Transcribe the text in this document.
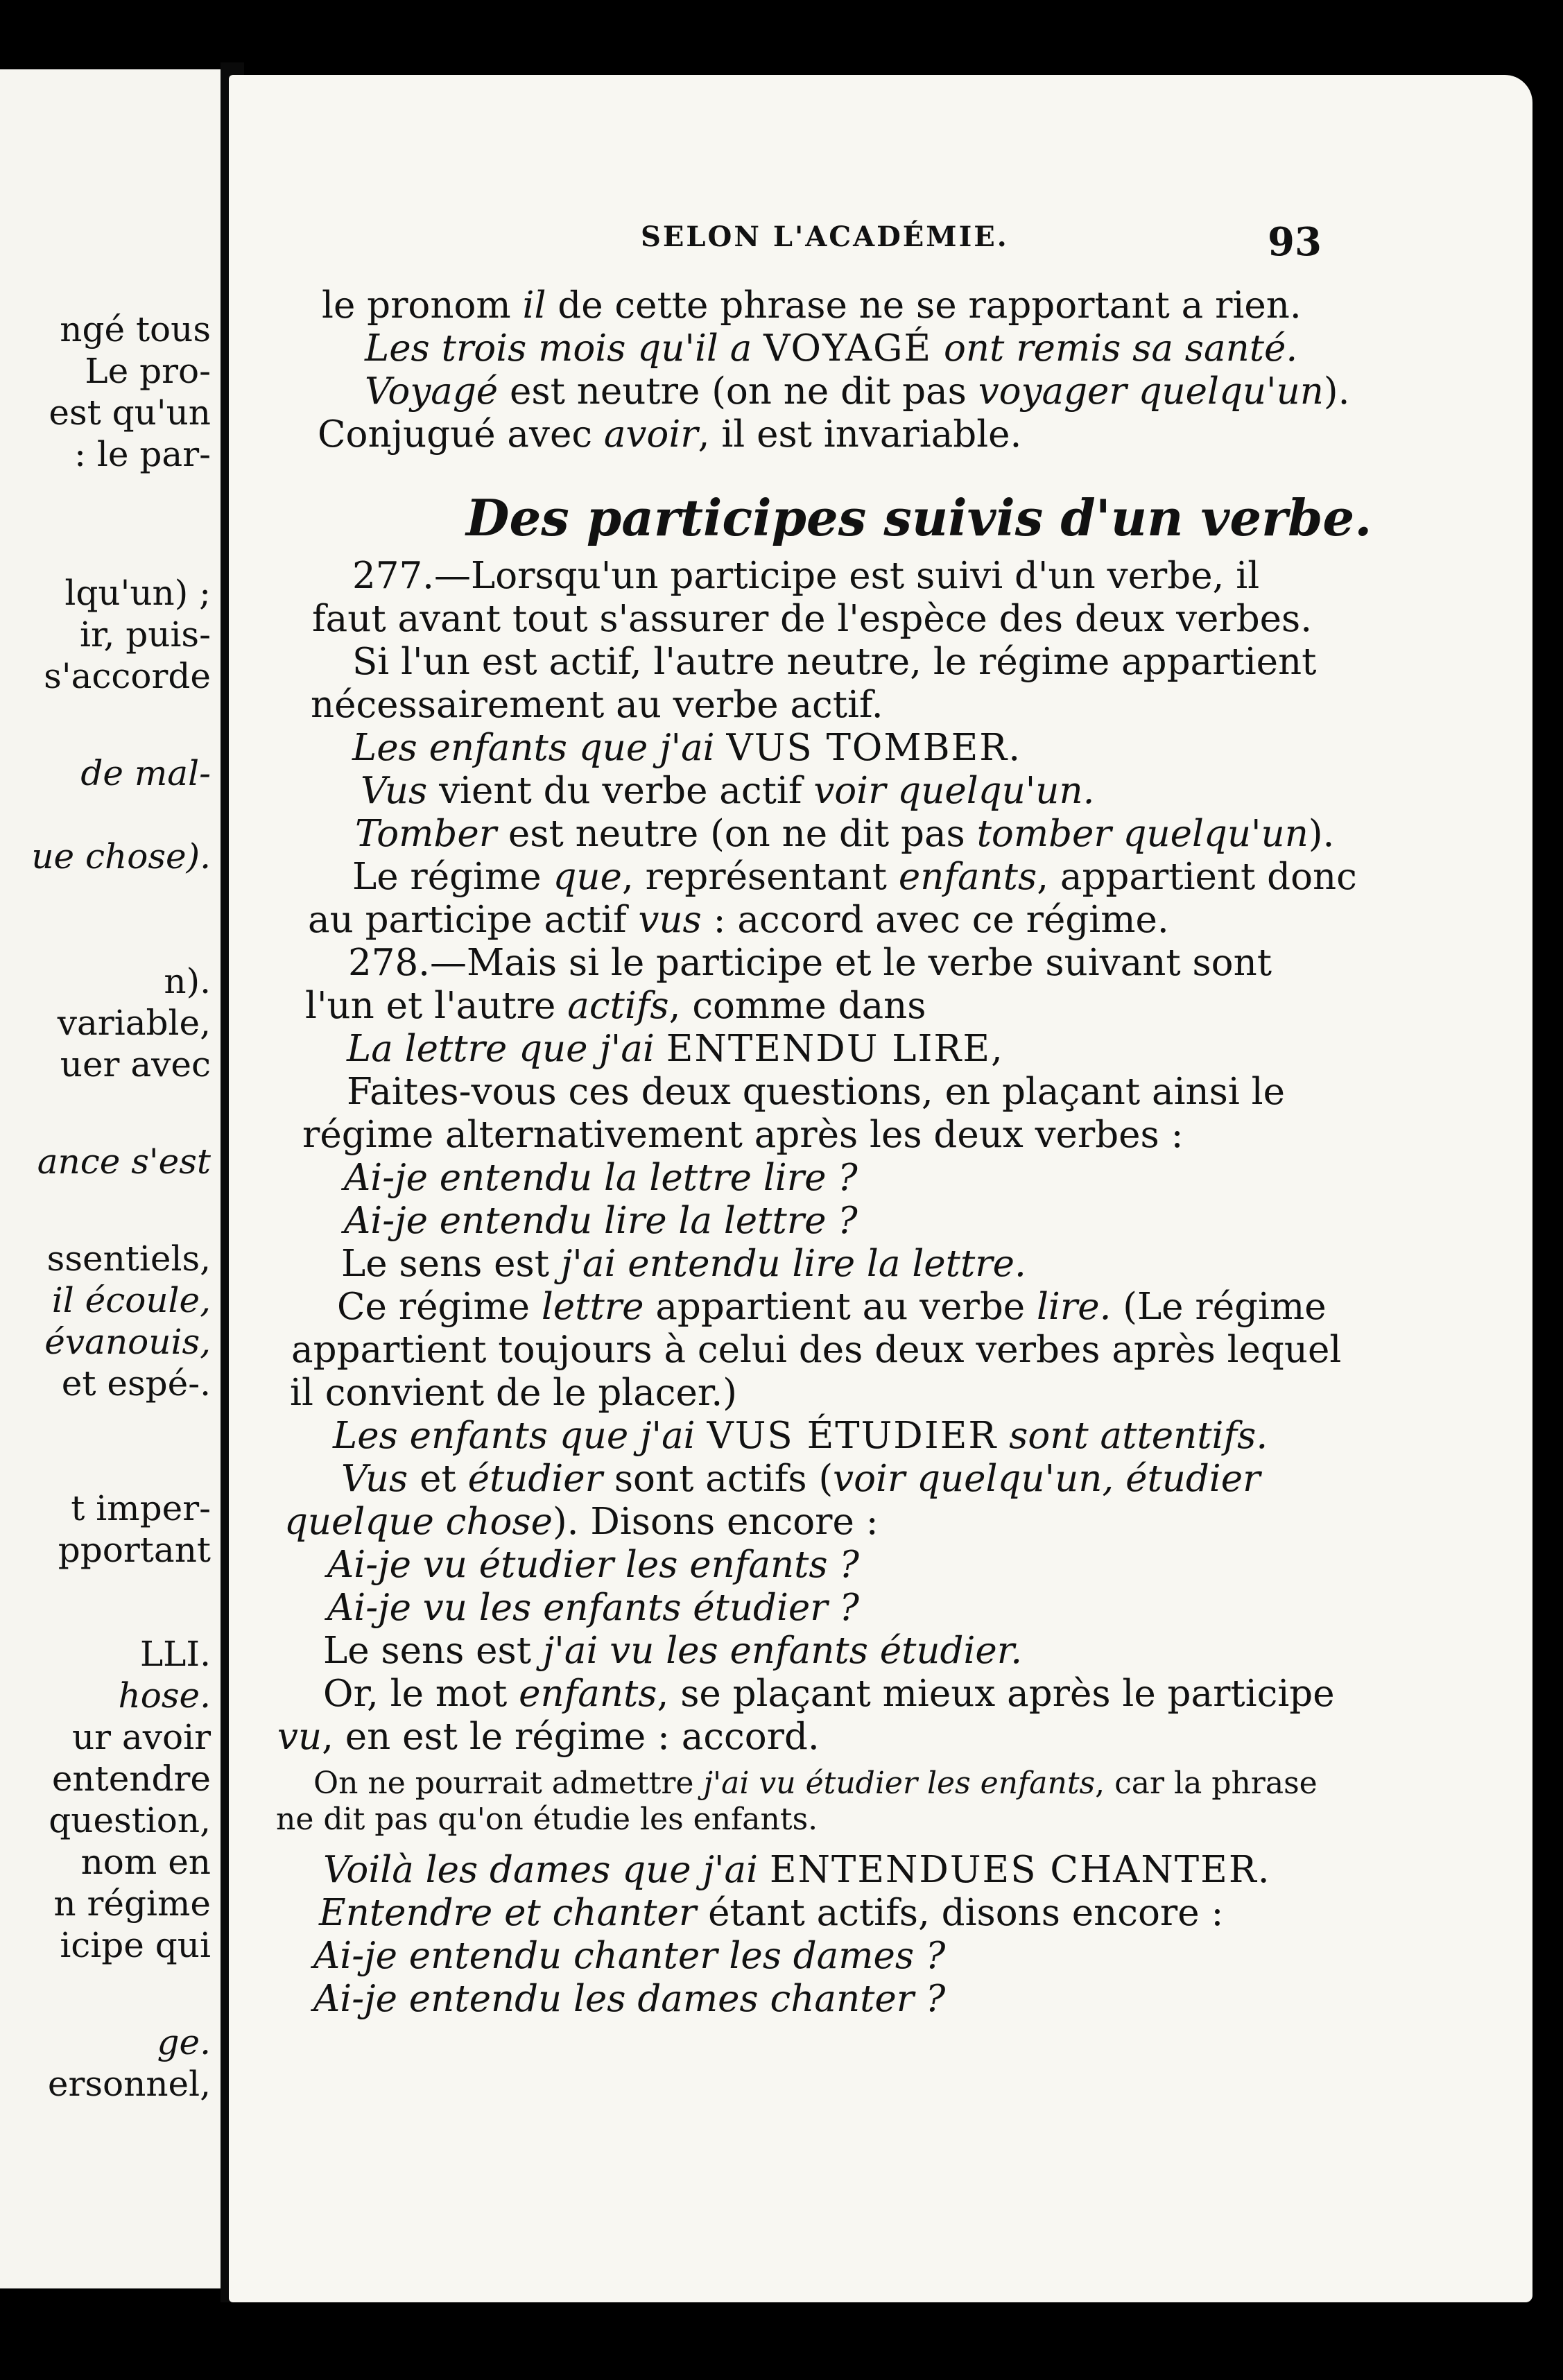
ngé tous
Le pro-
est qu'un
: le par-
lqu'un) ;
ir, puis-
s'accorde
de mal-
ue chose).
n).
variable,
uer avec
ance s'est
ssentiels,
il écoule,
évanouis,
et espé-.
t imper-
pportant
LLI.
hose.
ur avoir
entendre
question,
nom en
n régime
icipe qui
ge.
ersonnel,
SELON L'ACADÉMIE.	93
le pronom il de cette phrase ne se rapportant a rien.
Les trois mois qu'il a VOYAGÉ ont remis sa santé.
Voyagé est neutre (on ne dit pas voyager quelqu'un).
Conjugué avec avoir, il est invariable.
Des participes suivis d'un verbe.
277.—Lorsqu'un participe est suivi d'un verbe, il
faut avant tout s'assurer de l'espèce des deux verbes.
Si l'un est actif, l'autre neutre, le régime appartient
nécessairement au verbe actif.
Les enfants que j'ai VUS TOMBER.
Vus vient du verbe actif voir quelqu'un.
Tomber est neutre (on ne dit pas tomber quelqu'un).
Le régime que, représentant enfants, appartient donc
au participe actif vus : accord avec ce régime.
278.—Mais si le participe et le verbe suivant sont
l'un et l'autre actifs, comme dans
La lettre que j'ai ENTENDU LIRE,
Faites-vous ces deux questions, en plaçant ainsi le
régime alternativement après les deux verbes :
Ai-je entendu la lettre lire ?
Ai-je entendu lire la lettre ?
Le sens est j'ai entendu lire la lettre.
Ce régime lettre appartient au verbe lire. (Le régime
appartient toujours à celui des deux verbes après lequel
il convient de le placer.)
Les enfants que j'ai VUS ÉTUDIER sont attentifs.
Vus et étudier sont actifs (voir quelqu'un, étudier
quelque chose). Disons encore :
Ai-je vu étudier les enfants ?
Ai-je vu les enfants étudier ?
Le sens est j'ai vu les enfants étudier.
Or, le mot enfants, se plaçant mieux après le participe
vu, en est le régime : accord.
On ne pourrait admettre j'ai vu étudier les enfants, car la phrase
ne dit pas qu'on étudie les enfants.
Voilà les dames que j'ai ENTENDUES CHANTER.
Entendre et chanter étant actifs, disons encore :
Ai-je entendu chanter les dames ?
Ai-je entendu les dames chanter ?
